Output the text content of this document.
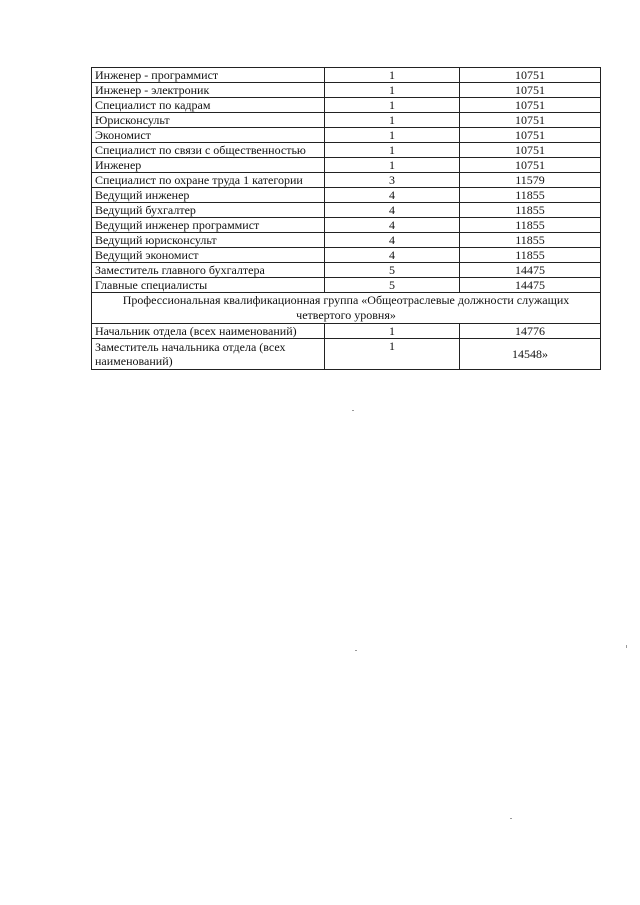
Инженер - программист	1	10751
Инженер - электроник	1	10751
Специалист по кадрам	1	10751
Юрисконсульт	1	10751
Экономист	1	10751
Специалист по связи с общественностью	1	10751
Инженер	1	10751
Специалист по охране труда 1 категории	3	11579
Ведущий инженер	4	11855
Ведущий бухгалтер	4	11855
Ведущий инженер программист	4	11855
Ведущий юрисконсульт	4	11855
Ведущий экономист	4	11855
Заместитель главного бухгалтера	5	14475
Главные специалисты	5	14475
Профессиональная квалификационная группа «Общеотраслевые должности служащих четвертого уровня»		
Начальник отдела (всех наименований)	1	14776
Заместитель начальника отдела (всех наименований)	1	14548»
